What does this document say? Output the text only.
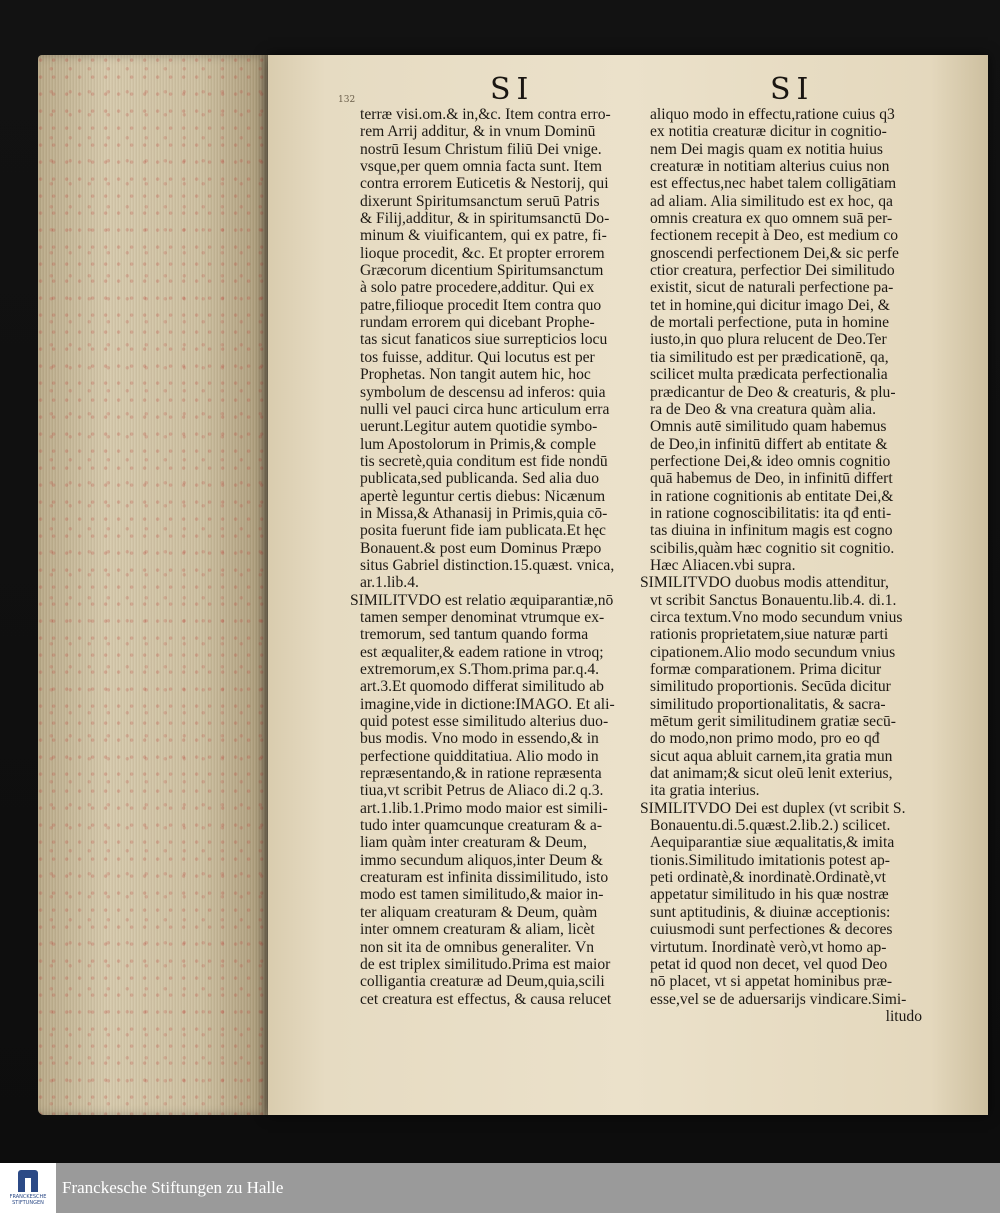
132	SI	SI
terræ visi.om.& in,&c. Item contra erro-
rem Arrij additur, & in vnum Dominū
nostrū Iesum Christum filiū Dei vnige.
vsque,per quem omnia facta sunt. Item
contra errorem Euticetis & Nestorij, qui
dixerunt Spiritumsanctum seruū Patris
& Filij,additur, & in spiritumsanctū Do-
minum & viuificantem, qui ex patre, fi-
lioque procedit, &c. Et propter errorem
Græcorum dicentium Spiritumsanctum
à solo patre procedere,additur. Qui ex
patre,filioque procedit Item contra quo
rundam errorem qui dicebant Prophe-
tas sicut fanaticos siue surrepticios locu
tos fuisse, additur. Qui locutus est per
Prophetas. Non tangit autem hic, hoc
symbolum de descensu ad inferos: quia
nulli vel pauci circa hunc articulum erra
uerunt.Legitur autem quotidie symbo-
lum Apostolorum in Primis,& comple
tis secretè,quia conditum est fide nondū
publicata,sed publicanda. Sed alia duo
apertè leguntur certis diebus: Nicænum
in Missa,& Athanasij in Primis,quia cō-
posita fuerunt fide iam publicata.Et hęc
Bonauent.& post eum Dominus Præpo
situs Gabriel distinction.15.quæst. vnica,
ar.1.lib.4.
SIMILITVDO est relatio æquiparantiæ,nō
tamen semper denominat vtrumque ex-
tremorum, sed tantum quando forma
est æqualiter,& eadem ratione in vtroq;
extremorum,ex S.Thom.prima par.q.4.
art.3.Et quomodo differat similitudo ab
imagine,vide in dictione:IMAGO. Et ali-
quid potest esse similitudo alterius duo-
bus modis. Vno modo in essendo,& in
perfectione quidditatiua. Alio modo in
repræsentando,& in ratione repræsenta
tiua,vt scribit Petrus de Aliaco di.2 q.3.
art.1.lib.1.Primo modo maior est simili-
tudo inter quamcunque creaturam & a-
liam quàm inter creaturam & Deum,
immo secundum aliquos,inter Deum &
creaturam est infinita dissimilitudo, isto
modo est tamen similitudo,& maior in-
ter aliquam creaturam & Deum, quàm
inter omnem creaturam & aliam, licèt
non sit ita de omnibus generaliter. Vn
de est triplex similitudo.Prima est maior
colligantia creaturæ ad Deum,quia,scili
cet creatura est effectus, & causa relucet
aliquo modo in effectu,ratione cuius q3
ex notitia creaturæ dicitur in cognitio-
nem Dei magis quam ex notitia huius
creaturæ in notitiam alterius cuius non
est effectus,nec habet talem colligātiam
ad aliam. Alia similitudo est ex hoc, qa
omnis creatura ex quo omnem suā per-
fectionem recepit à Deo, est medium co
gnoscendi perfectionem Dei,& sic perfe
ctior creatura, perfectior Dei similitudo
existit, sicut de naturali perfectione pa-
tet in homine,qui dicitur imago Dei, &
de mortali perfectione, puta in homine
iusto,in quo plura relucent de Deo.Ter
tia similitudo est per prædicationē, qa,
scilicet multa prædicata perfectionalia
prædicantur de Deo & creaturis, & plu-
ra de Deo & vna creatura quàm alia.
Omnis autē similitudo quam habemus
de Deo,in infinitū differt ab entitate &
perfectione Dei,& ideo omnis cognitio
quā habemus de Deo, in infinitū differt
in ratione cognitionis ab entitate Dei,&
in ratione cognoscibilitatis: ita qđ enti-
tas diuina in infinitum magis est cogno
scibilis,quàm hæc cognitio sit cognitio.
Hæc Aliacen.vbi supra.
SIMILITVDO duobus modis attenditur,
vt scribit Sanctus Bonauentu.lib.4. di.1.
circa textum.Vno modo secundum vnius
rationis proprietatem,siue naturæ parti
cipationem.Alio modo secundum vnius
formæ comparationem. Prima dicitur
similitudo proportionis. Secūda dicitur
similitudo proportionalitatis, & sacra-
mētum gerit similitudinem gratiæ secū-
do modo,non primo modo, pro eo qđ
sicut aqua abluit carnem,ita gratia mun
dat animam;& sicut oleū lenit exterius,
ita gratia interius.
SIMILITVDO Dei est duplex (vt scribit S.
Bonauentu.di.5.quæst.2.lib.2.) scilicet.
Aequiparantiæ siue æqualitatis,& imita
tionis.Similitudo imitationis potest ap-
peti ordinatè,& inordinatè.Ordinatè,vt
appetatur similitudo in his quæ nostræ
sunt aptitudinis, & diuinæ acceptionis:
cuiusmodi sunt perfectiones & decores
virtutum. Inordinatè verò,vt homo ap-
petat id quod non decet, vel quod Deo
nō placet, vt si appetat hominibus præ-
esse,vel se de aduersarijs vindicare.Simi-
litudo
FRANCKESCHE
STIFTUNGEN
Franckesche Stiftungen zu Halle
